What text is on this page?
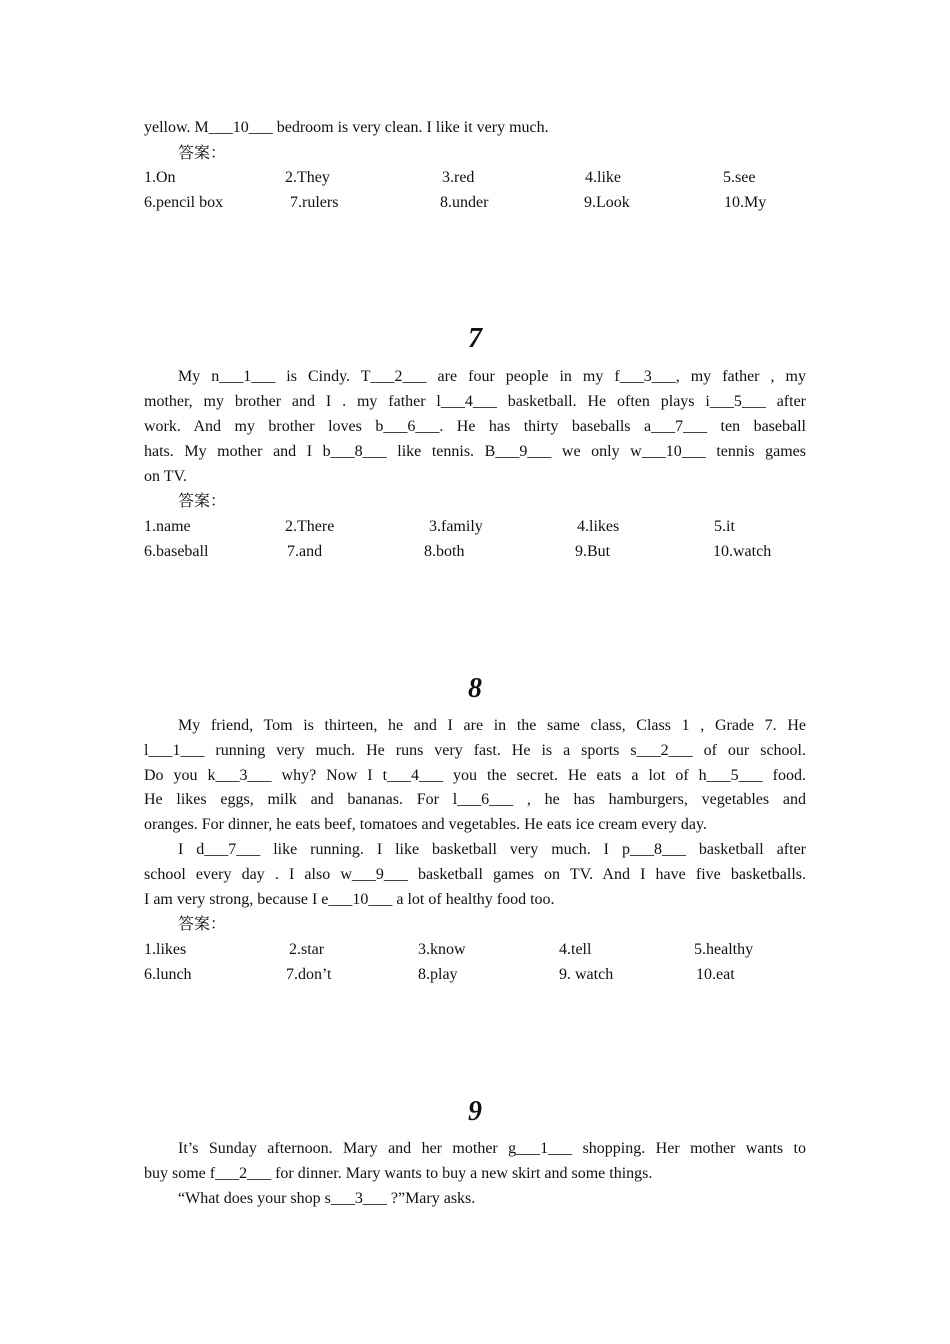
yellow. M___10___ bedroom is very clean. I like it very much.
答案：
1.On	2.They	3.red	4.like	5.see
6.pencil box	7.rulers	8.under	9.Look	10.My
7
My n___1___ is Cindy. T___2___ are four people in my f___3___, my father , my
mother, my brother and I . my father l___4___ basketball. He often plays i___5___ after
work. And my brother loves b___6___. He has thirty baseballs a___7___ ten baseball
hats. My mother and I b___8___ like tennis. B___9___ we only w___10___ tennis games
on TV.
答案：
1.name	2.There	3.family	4.likes	5.it
6.baseball	7.and	8.both	9.But	10.watch
8
My friend, Tom is thirteen, he and I are in the same class, Class 1 , Grade 7. He
l___1___ running very much. He runs very fast. He is a sports s___2___ of our school.
Do you k___3___ why? Now I t___4___ you the secret. He eats a lot of h___5___ food.
He likes eggs, milk and bananas. For l___6___ , he has hamburgers, vegetables and
oranges. For dinner, he eats beef, tomatoes and vegetables. He eats ice cream every day.
I d___7___ like running. I like basketball very much. I p___8___ basketball after
school every day . I also w___9___ basketball games on TV. And I have five basketballs.
I am very strong, because I e___10___ a lot of healthy food too.
答案：
1.likes	2.star	3.know	4.tell	5.healthy
6.lunch	7.don’t	8.play	9. watch	10.eat
9
It’s Sunday afternoon. Mary and her mother g___1___ shopping. Her mother wants to
buy some f___2___ for dinner. Mary wants to buy a new skirt and some things.
“What does your shop s___3___ ?”Mary asks.
